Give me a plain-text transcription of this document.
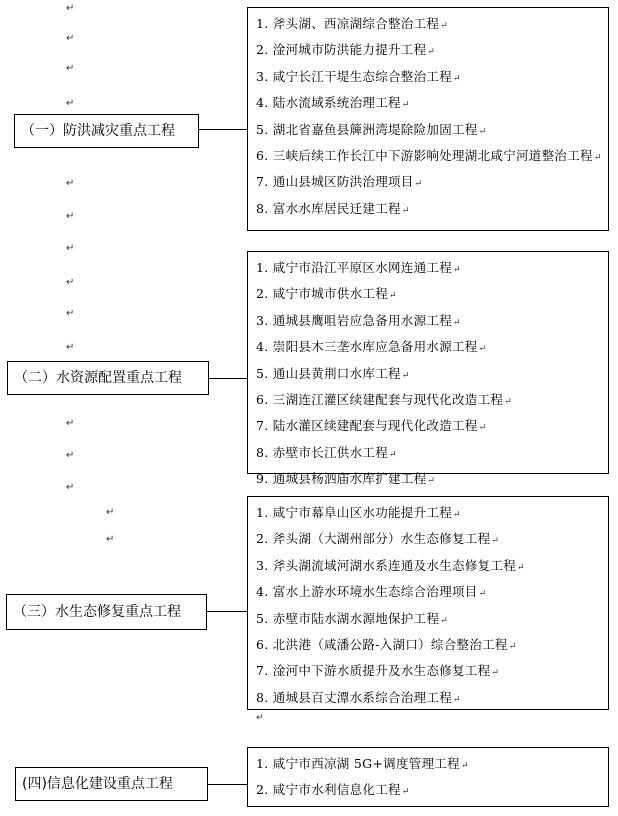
↵
↵
↵
↵
↵
↵
↵
↵
↵
↵
↵
↵
↵
↵
↵
（一）防洪减灾重点工程
1. 斧头湖、西凉湖综合整治工程↵
2. 淦河城市防洪能力提升工程↵
3. 咸宁长江干堤生态综合整治工程↵
4. 陆水流域系统治理工程↵
5. 湖北省嘉鱼县簰洲湾堤除险加固工程↵
6. 三峡后续工作长江中下游影响处理湖北咸宁河道整治工程↵
7. 通山县城区防洪治理项目↵
8. 富水水库居民迁建工程↵
（二）水资源配置重点工程
1. 咸宁市沿江平原区水网连通工程↵
2. 咸宁市城市供水工程↵
3. 通城县鹰咀岩应急备用水源工程↵
4. 崇阳县木三垄水库应急备用水源工程↵
5. 通山县黄荆口水库工程↵
6. 三湖连江灌区续建配套与现代化改造工程↵
7. 陆水灌区续建配套与现代化改造工程↵
8. 赤壁市长江供水工程↵
9. 通城县杨泗庙水库扩建工程↵
（三）水生态修复重点工程
1. 咸宁市幕阜山区水功能提升工程↵
2. 斧头湖（大湖州部分）水生态修复工程↵
3. 斧头湖流域河湖水系连通及水生态修复工程↵
4. 富水上游水环境水生态综合治理项目↵
5. 赤壁市陆水湖水源地保护工程↵
6. 北洪港（咸潘公路-入湖口）综合整治工程↵
7. 淦河中下游水质提升及水生态修复工程↵
8. 通城县百丈潭水系综合治理工程↵
↵
(四)信息化建设重点工程
1. 咸宁市西凉湖 5G+调度管理工程↵
2. 咸宁市水利信息化工程↵
